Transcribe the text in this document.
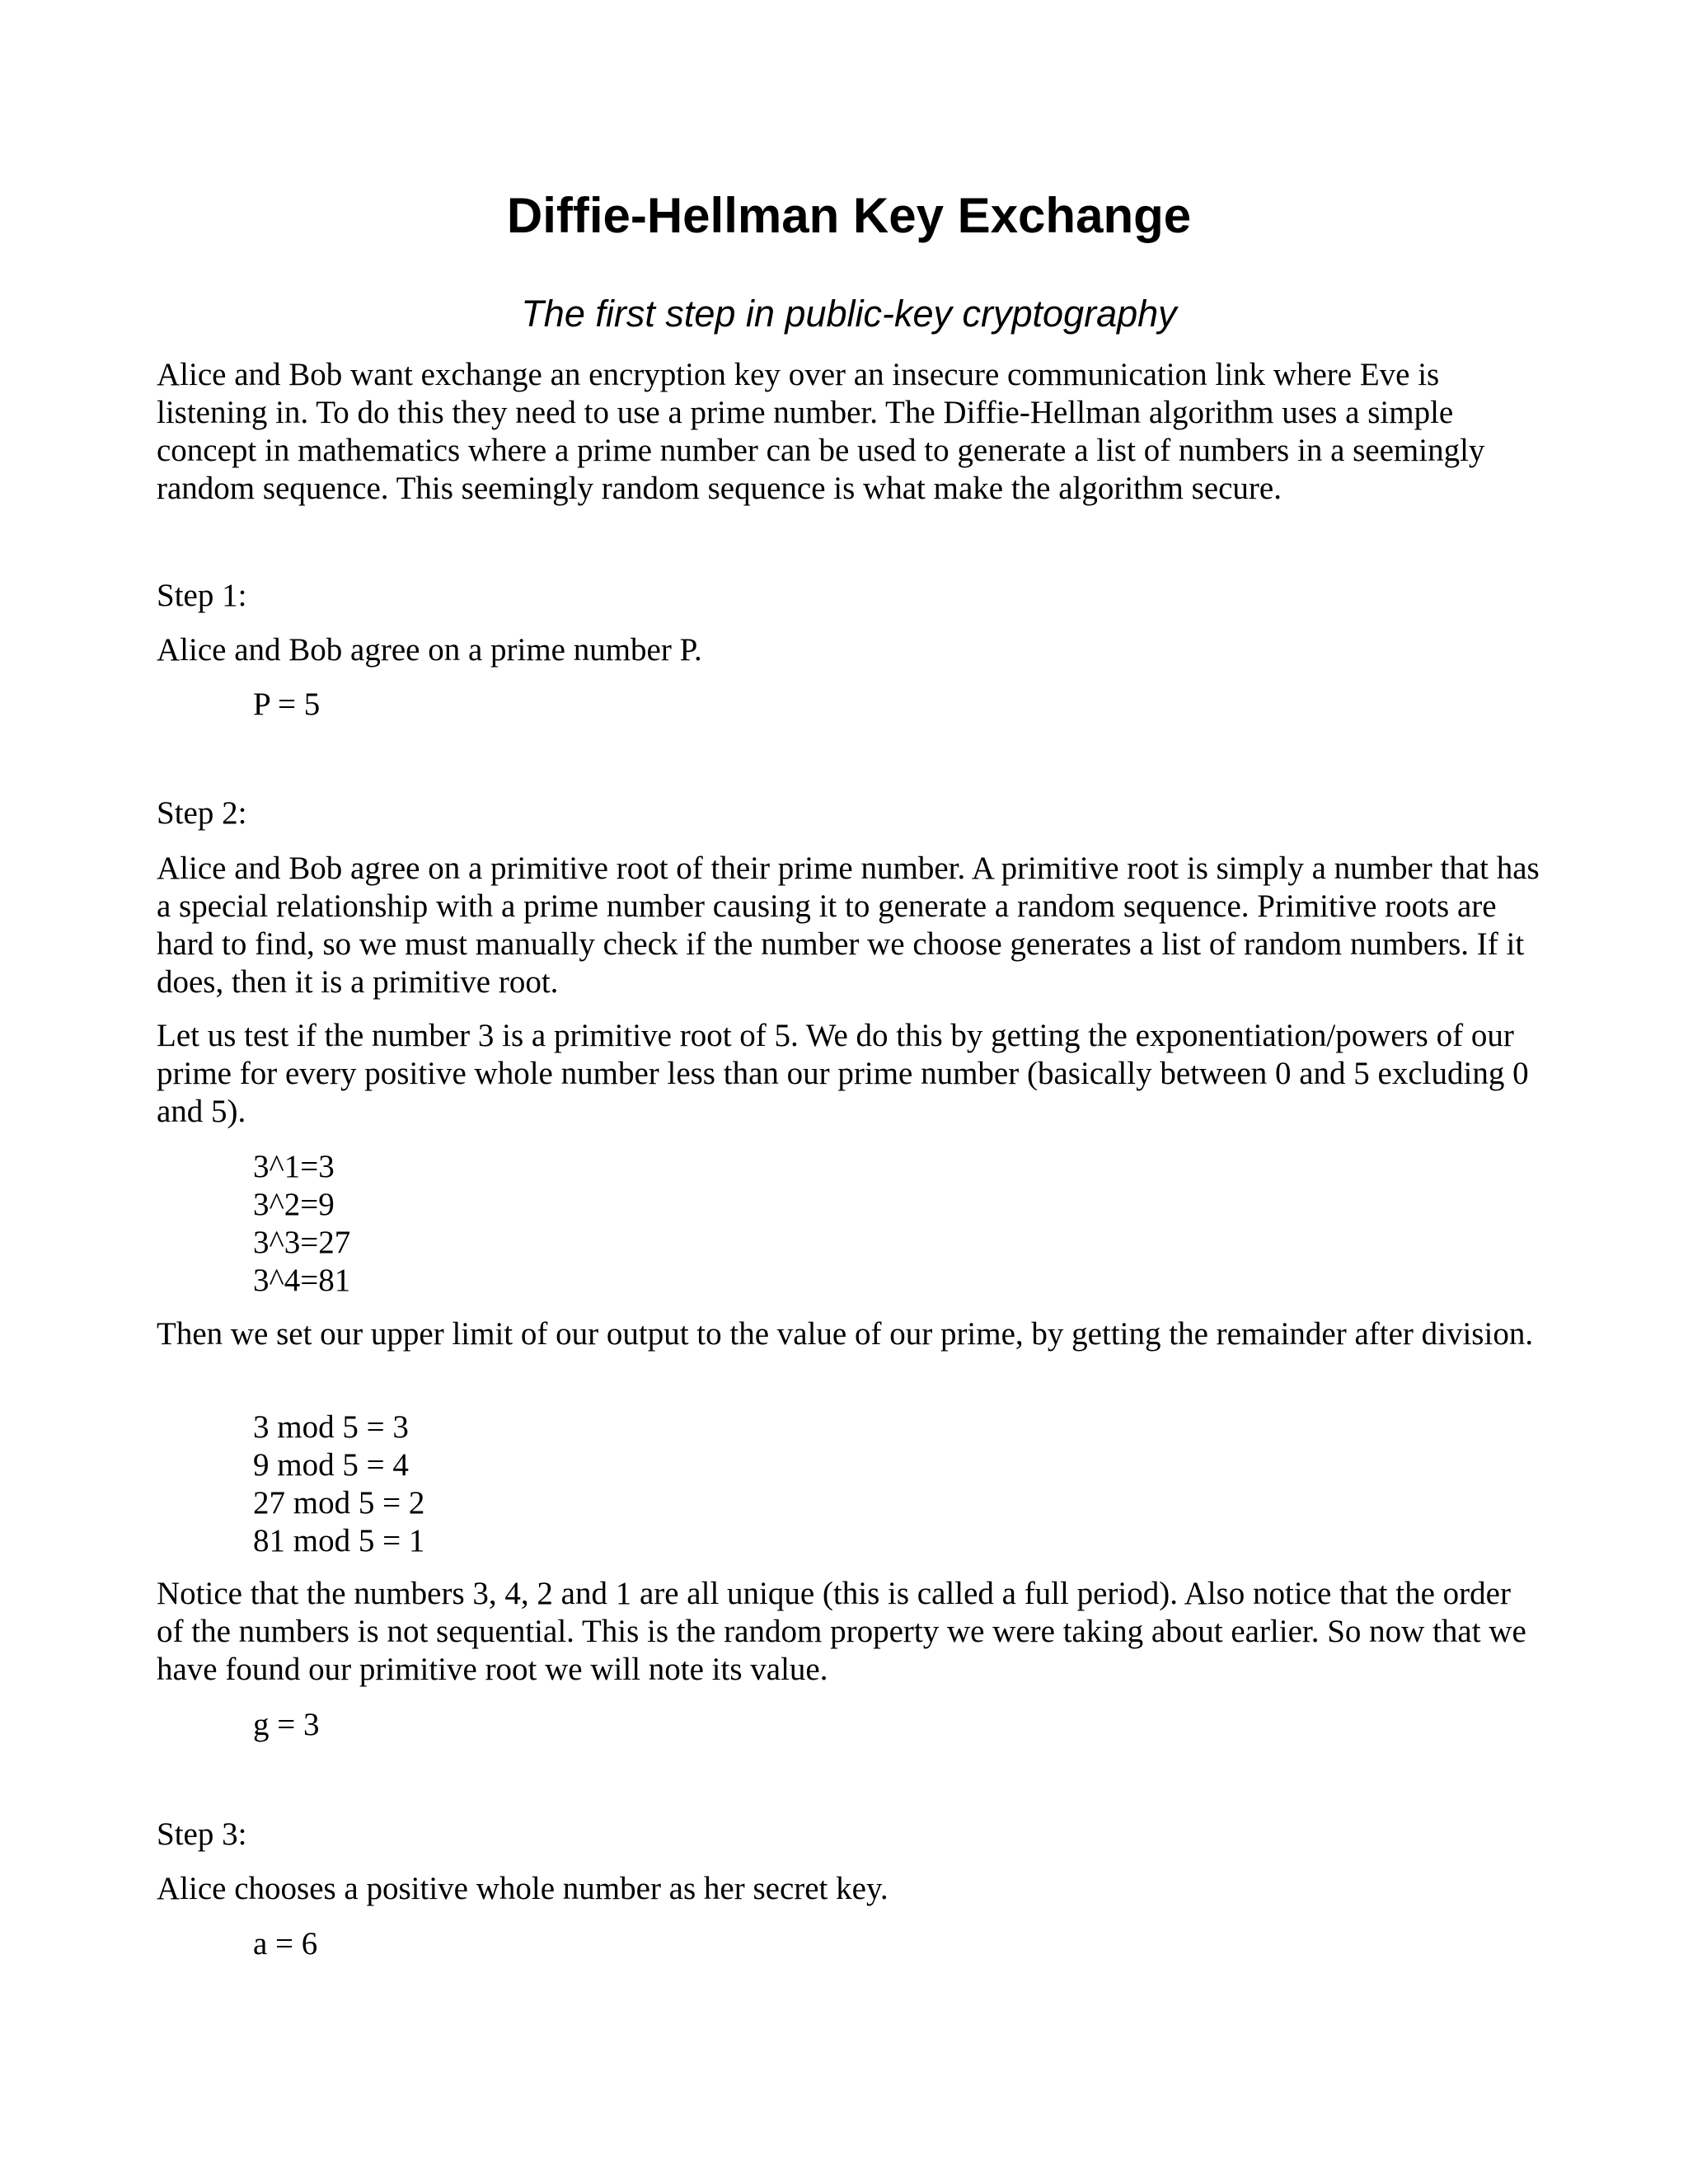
Diffie-Hellman Key Exchange

The first step in public-key cryptography

Alice and Bob want exchange an encryption key over an insecure communication link where Eve is listening in. To do this they need to use a prime number. The Diffie-Hellman algorithm uses a simple concept in mathematics where a prime number can be used to generate a list of numbers in a seemingly random sequence. This seemingly random sequence is what make the algorithm secure.

Step 1:

Alice and Bob agree on a prime number P.

P = 5

Step 2:

Alice and Bob agree on a primitive root of their prime number. A primitive root is simply a number that has a special relationship with a prime number causing it to generate a random sequence. Primitive roots are hard to find, so we must manually check if the number we choose generates a list of random numbers. If it does, then it is a primitive root.

Let us test if the number 3 is a primitive root of 5. We do this by getting the exponentiation/powers of our prime for every positive whole number less than our prime number (basically between 0 and 5 excluding 0 and 5).

3^1=3
3^2=9
3^3=27
3^4=81

Then we set our upper limit of our output to the value of our prime, by getting the remainder after division.

3 mod 5 = 3
9 mod 5 = 4
27 mod 5 = 2
81 mod 5 = 1

Notice that the numbers 3, 4, 2 and 1 are all unique (this is called a full period). Also notice that the order of the numbers is not sequential. This is the random property we were taking about earlier. So now that we have found our primitive root we will note its value.

g = 3

Step 3:

Alice chooses a positive whole number as her secret key.

a = 6
